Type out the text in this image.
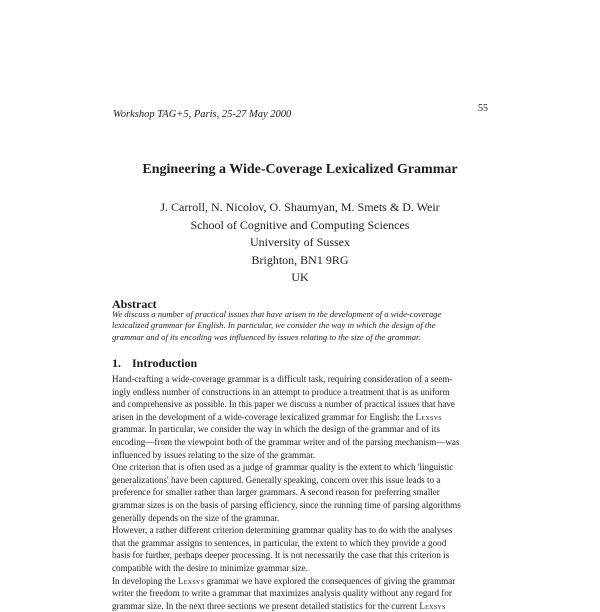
55
Workshop TAG+5, Paris, 25-27 May 2000
Engineering a Wide-Coverage Lexicalized Grammar
J. Carroll, N. Nicolov, O. Shaumyan, M. Smets & D. Weir
School of Cognitive and Computing Sciences
University of Sussex
Brighton, BN1 9RG
UK
Abstract
We discuss a number of practical issues that have arisen in the development of a wide-coverage
lexicalized grammar for English. In particular, we consider the way in which the design of the
grammar and of its encoding was influenced by issues relating to the size of the grammar.
1. Introduction
Hand-crafting a wide-coverage grammar is a difficult task, requiring consideration of a seem-
ingly endless number of constructions in an attempt to produce a treatment that is as uniform
and comprehensive as possible. In this paper we discuss a number of practical issues that have
arisen in the development of a wide-coverage lexicalized grammar for English: the Lexsys
grammar. In particular, we consider the way in which the design of the grammar and of its
encoding—from the viewpoint both of the grammar writer and of the parsing mechanism—was
influenced by issues relating to the size of the grammar.
One criterion that is often used as a judge of grammar quality is the extent to which 'linguistic
generalizations' have been captured. Generally speaking, concern over this issue leads to a
preference for smaller rather than larger grammars. A second reason for preferring smaller
grammar sizes is on the basis of parsing efficiency, since the running time of parsing algorithms
generally depends on the size of the grammar.
However, a rather different criterion determining grammar quality has to do with the analyses
that the grammar assigns to sentences, in particular, the extent to which they provide a good
basis for further, perhaps deeper processing. It is not necessarily the case that this criterion is
compatible with the desire to minimize grammar size.
In developing the Lexsys grammar we have explored the consequences of giving the grammar
writer the freedom to write a grammar that maximizes analysis quality without any regard for
grammar size. In the next three sections we present detailed statistics for the current Lexsys
